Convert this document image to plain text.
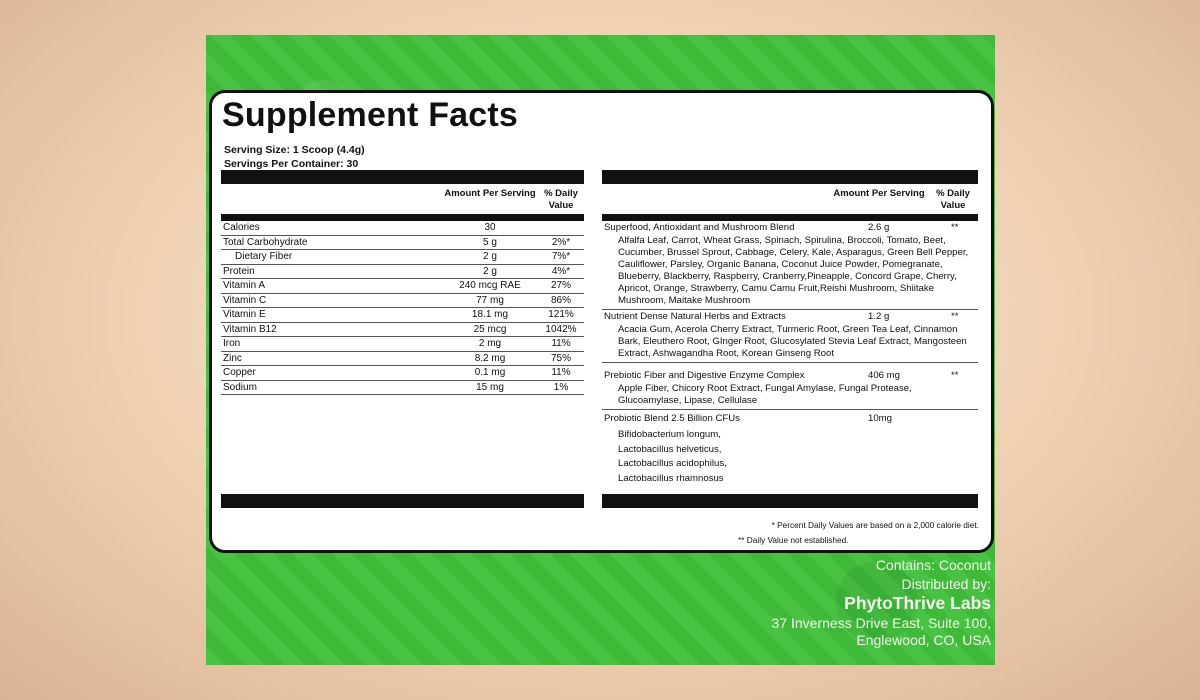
Supplement Facts
Serving Size: 1 Scoop (4.4g)
Servings Per Container: 30
Amount Per Serving % Daily Value
Calories	30
Total Carbohydrate	5 g	2%*
Dietary Fiber	2 g	7%*
Protein	2 g	4%*
Vitamin A	240 mcg RAE	27%
Vitamin C	77 mg	86%
Vitamin E	18.1 mg	121%
Vitamin B12	25 mcg	1042%
Iron	2 mg	11%
Zinc	8.2 mg	75%
Copper	0.1 mg	11%
Sodium	15 mg	1%
Amount Per Serving	% Daily Value
Superfood, Antioxidant and Mushroom Blend	2.6 g	**
Alfalfa Leaf, Carrot, Wheat Grass, Spinach, Spirulina, Broccoli, Tomato, Beet, Cucumber, Brussel Sprout, Cabbage, Celery, Kale, Asparagus, Green Bell Pepper, Cauliflower, Parsley, Organic Banana, Coconut Juice Powder, Pomegranate, Blueberry, Blackberry, Raspberry, Cranberry,Pineapple, Concord Grape, Cherry, Apricot, Orange, Strawberry, Camu Camu Fruit,Reishi Mushroom, Shiitake Mushroom, Maitake Mushroom
Nutrient Dense Natural Herbs and Extracts	1.2 g	**
Acacia Gum, Acerola Cherry Extract, Turmeric Root, Green Tea Leaf, Cinnamon Bark, Eleuthero Root, GInger Root, Glucosylated Stevia Leaf Extract, Mangosteen Extract, Ashwagandha Root, Korean Ginseng Root
Prebiotic Fiber and Digestive Enzyme Complex	406 mg	**
Apple Fiber, Chicory Root Extract, Fungal Amylase, Fungal Protease, Glucoamylase, Lipase, Cellulase
Probiotic Blend 2.5 Billion CFUs	10mg
Bifidobacterium longum,
Lactobacillus helveticus,
Lactobacillus acidophilus,
Lactobacillus rhamnosus
* Percent Daily Values are based on a 2,000 calorie diet.
** Daily Value not established.
Contains: Coconut
Distributed by:
PhytoThrive Labs
37 Inverness Drive East, Suite 100,
Englewood, CO, USA
